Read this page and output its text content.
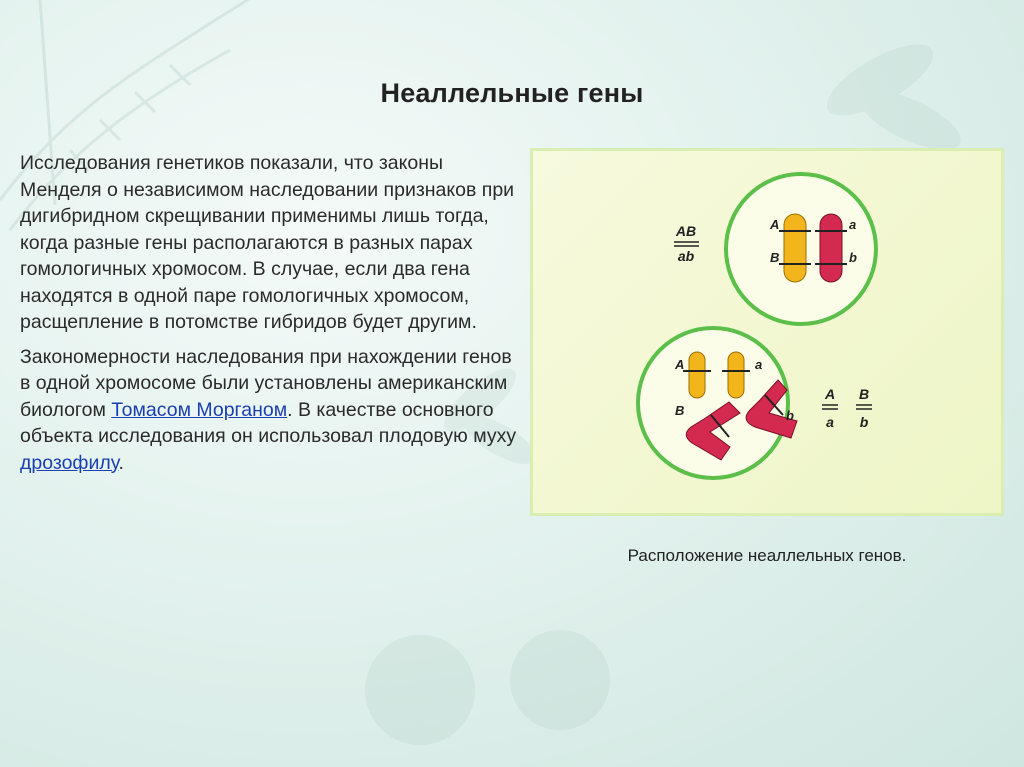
Неаллельные гены

Исследования генетиков показали, что законы Менделя о независимом наследовании признаков при дигибридном скрещивании применимы лишь тогда, когда разные гены располагаются в разных парах гомологичных хромосом. В случае, если два гена находятся в одной паре гомологичных хромосом, расщепление в потомстве гибридов будет другим.

Закономерности наследования при нахождении генов в одной хромосоме были установлены американским биологом Томасом Морганом. В качестве основного объекта исследования он использовал плодовую муху дрозофилу.

A
B
a
b
AB
ab
A	a
B	b
A
a
B
b
Расположение неаллельных генов.
